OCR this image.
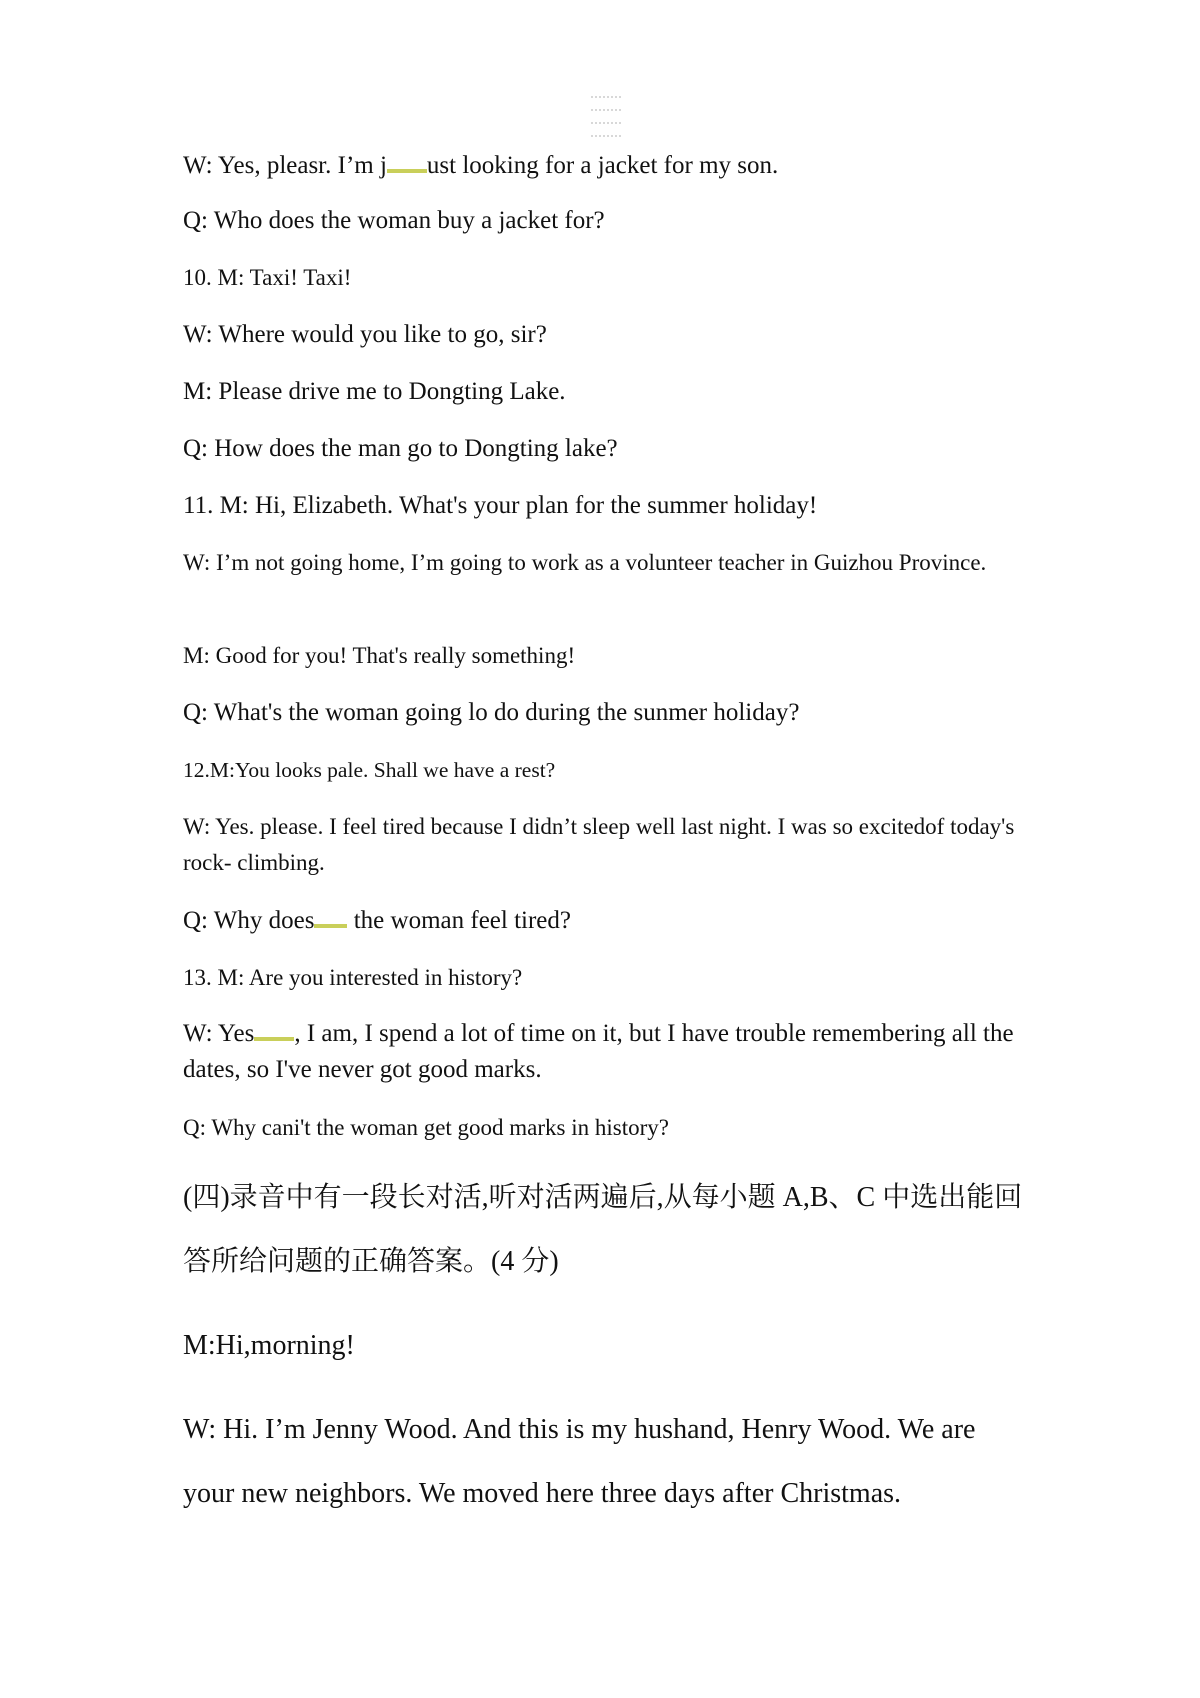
W: Yes, pleasr. I’m j ust looking for a jacket for my son.

Q: Who does the woman buy a jacket for?

10. M: Taxi! Taxi!

W: Where would you like to go, sir?

M: Please drive me to Dongting Lake.

Q: How does the man go to Dongting lake?

11. M: Hi, Elizabeth. What's your plan for the summer holiday!

W: I’m not going home, I’m going to work as a volunteer teacher in Guizhou Province.

M: Good for you! That's really something!

Q: What's the woman going lo do during the sunmer holiday?

12.M:You looks pale. Shall we have a rest?

W: Yes. please. I feel tired because I didn’t sleep well last night. I was so excitedof today's rock- climbing.

Q: Why does the woman feel tired?

13. M: Are you interested in history?

W: Yes , I am, I spend a lot of time on it, but I have trouble remembering all the dates, so I've never got good marks.

Q: Why cani't the woman get good marks in history?

(四)录音中有一段长对活,听对活两遍后,从每小题 A,B、C 中选出能回答所给问题的正确答案。(4 分)

M:Hi,morning!

W: Hi. I’m Jenny Wood. And this is my hushand, Henry Wood. We are your new neighbors. We moved here three days after Christmas.
